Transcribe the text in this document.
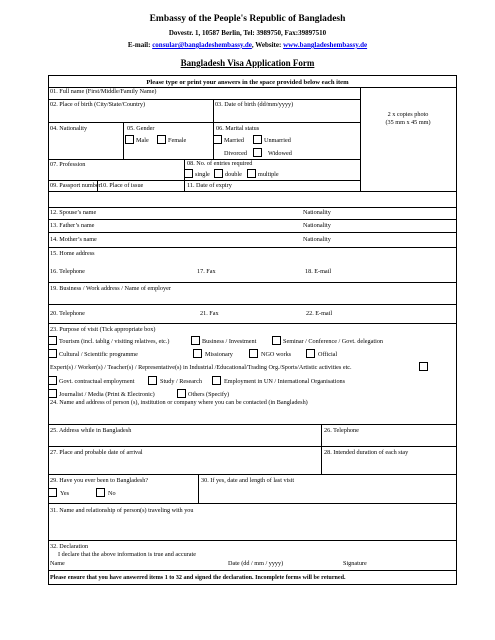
Embassy of the People's Republic of Bangladesh
Dovestr. 1, 10587 Berlin, Tel: 3989750, Fax:39897510
E-mail: consular@bangladeshembassy.de, Website: www.bangladeshembassy.de
Bangladesh Visa Application Form
Please type or print your answers in the space provided below each item
01. Full name (First/Middle/Family Name)
2 x copies photo
(35 mm x 45 mm)
02. Place of birth (City/State/Country)	03. Date of birth (dd/mm/yyyy)
04. Nationality	05. Gender
Male	Female
06. Marital status
Married	Unmarried
Divorced	Widowed
07. Profession	08. No. of entries required
single double	multiple
09. Passport number 10. Place of issue	11. Date of expiry
12. Spouse’s name	Nationality
13. Father’s name	Nationality
14. Mother’s name	Nationality
15. Home address
16. Telephone	17. Fax	18. E-mail
19. Business / Work address / Name of employer
20. Telephone	21. Fax	22. E-mail
23. Purpose of visit (Tick appropriate box)
Tourism (incl. tablig / visiting relatives, etc.)	Business / Investment	Seminar / Conference / Govt. delegation
Cultural / Scientific programme	Missionary	NGO works	Official
Expert(s) / Worker(s) / Teacher(s) / Representative(s) in Industrial /Educational/Trading Org./Sports/Artistic activities etc.
Govt. contractual employment	Study / Research	Employment in UN / International Organisations
Journalist / Media (Print & Electronic)	Others (Specify)
24. Name and address of person (s), institution or company where you can be contacted (in Bangladesh)
25. Address while in Bangladesh	26. Telephone
27. Place and probable date of arrival	28. Intended duration of each stay
29. Have you ever been to Bangladesh?
Yes	No
30. If yes, date and length of last visit
31. Name and relationship of person(s) traveling with you
32. Declaration
I declare that the above information is true and accurate
Name	Date (dd / mm / yyyy)	Signature
Please ensure that you have answered items 1 to 32 and signed the declaration. Incomplete forms will be returned.
